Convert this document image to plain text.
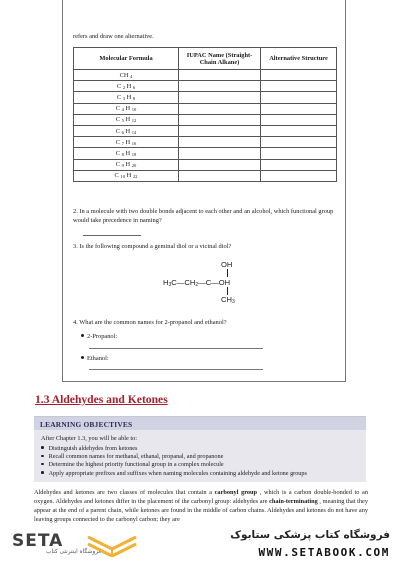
refers and draw one alternative.
Molecular Formula	IUPAC Name (Straight-Chain Alkane)	Alternative Structure
CH $_4$		
C $_2$ H $_6$		
C $_3$ H $_8$		
C $_4$ H $_{10}$		
C $_5$ H $_{12}$		
C $_6$ H $_{14}$		
C $_7$ H $_{16}$		
C $_8$ H $_{18}$		
C $_9$ H $_{20}$		
C $_{10}$ H $_{22}$		
2. In a molecule with two double bonds adjacent to each other and an alcohol, which functional group would take precedence in naming?
3. Is the following compound a geminal diol or a vicinal diol?
OH
$H_3C—CH_2—C—OH$
$CH_3$
4. What are the common names for 2-propanol and ethanol?
2-Propanol:
Ethanol:
1.3 Aldehydes and Ketones
LEARNING OBJECTIVES
After Chapter 1.3, you will be able to:
Distinguish aldehydes from ketones
Recall common names for methanal, ethanal, propanal, and propanone
Determine the highest priority functional group in a complex molecule
Apply appropriate prefixes and suffixes when naming molecules containing aldehyde and ketone groups
Aldehydes and ketones are two classes of molecules that contain a carbonyl group , which is a carbon double-bonded to an oxygen. Aldehydes and ketones differ in the placement of the carbonyl group: aldehydes are chain-terminating , meaning that they appear at the end of a parent chain, while ketones are found in the middle of carbon chains. Aldehydes and ketones do not have any leaving groups connected to the carbonyl carbon; they are
SETA
فروشگاه اینترنتی کتاب
فروشگاه کتاب پزشکی ستابوک
WWW.SETABOOK.COM
